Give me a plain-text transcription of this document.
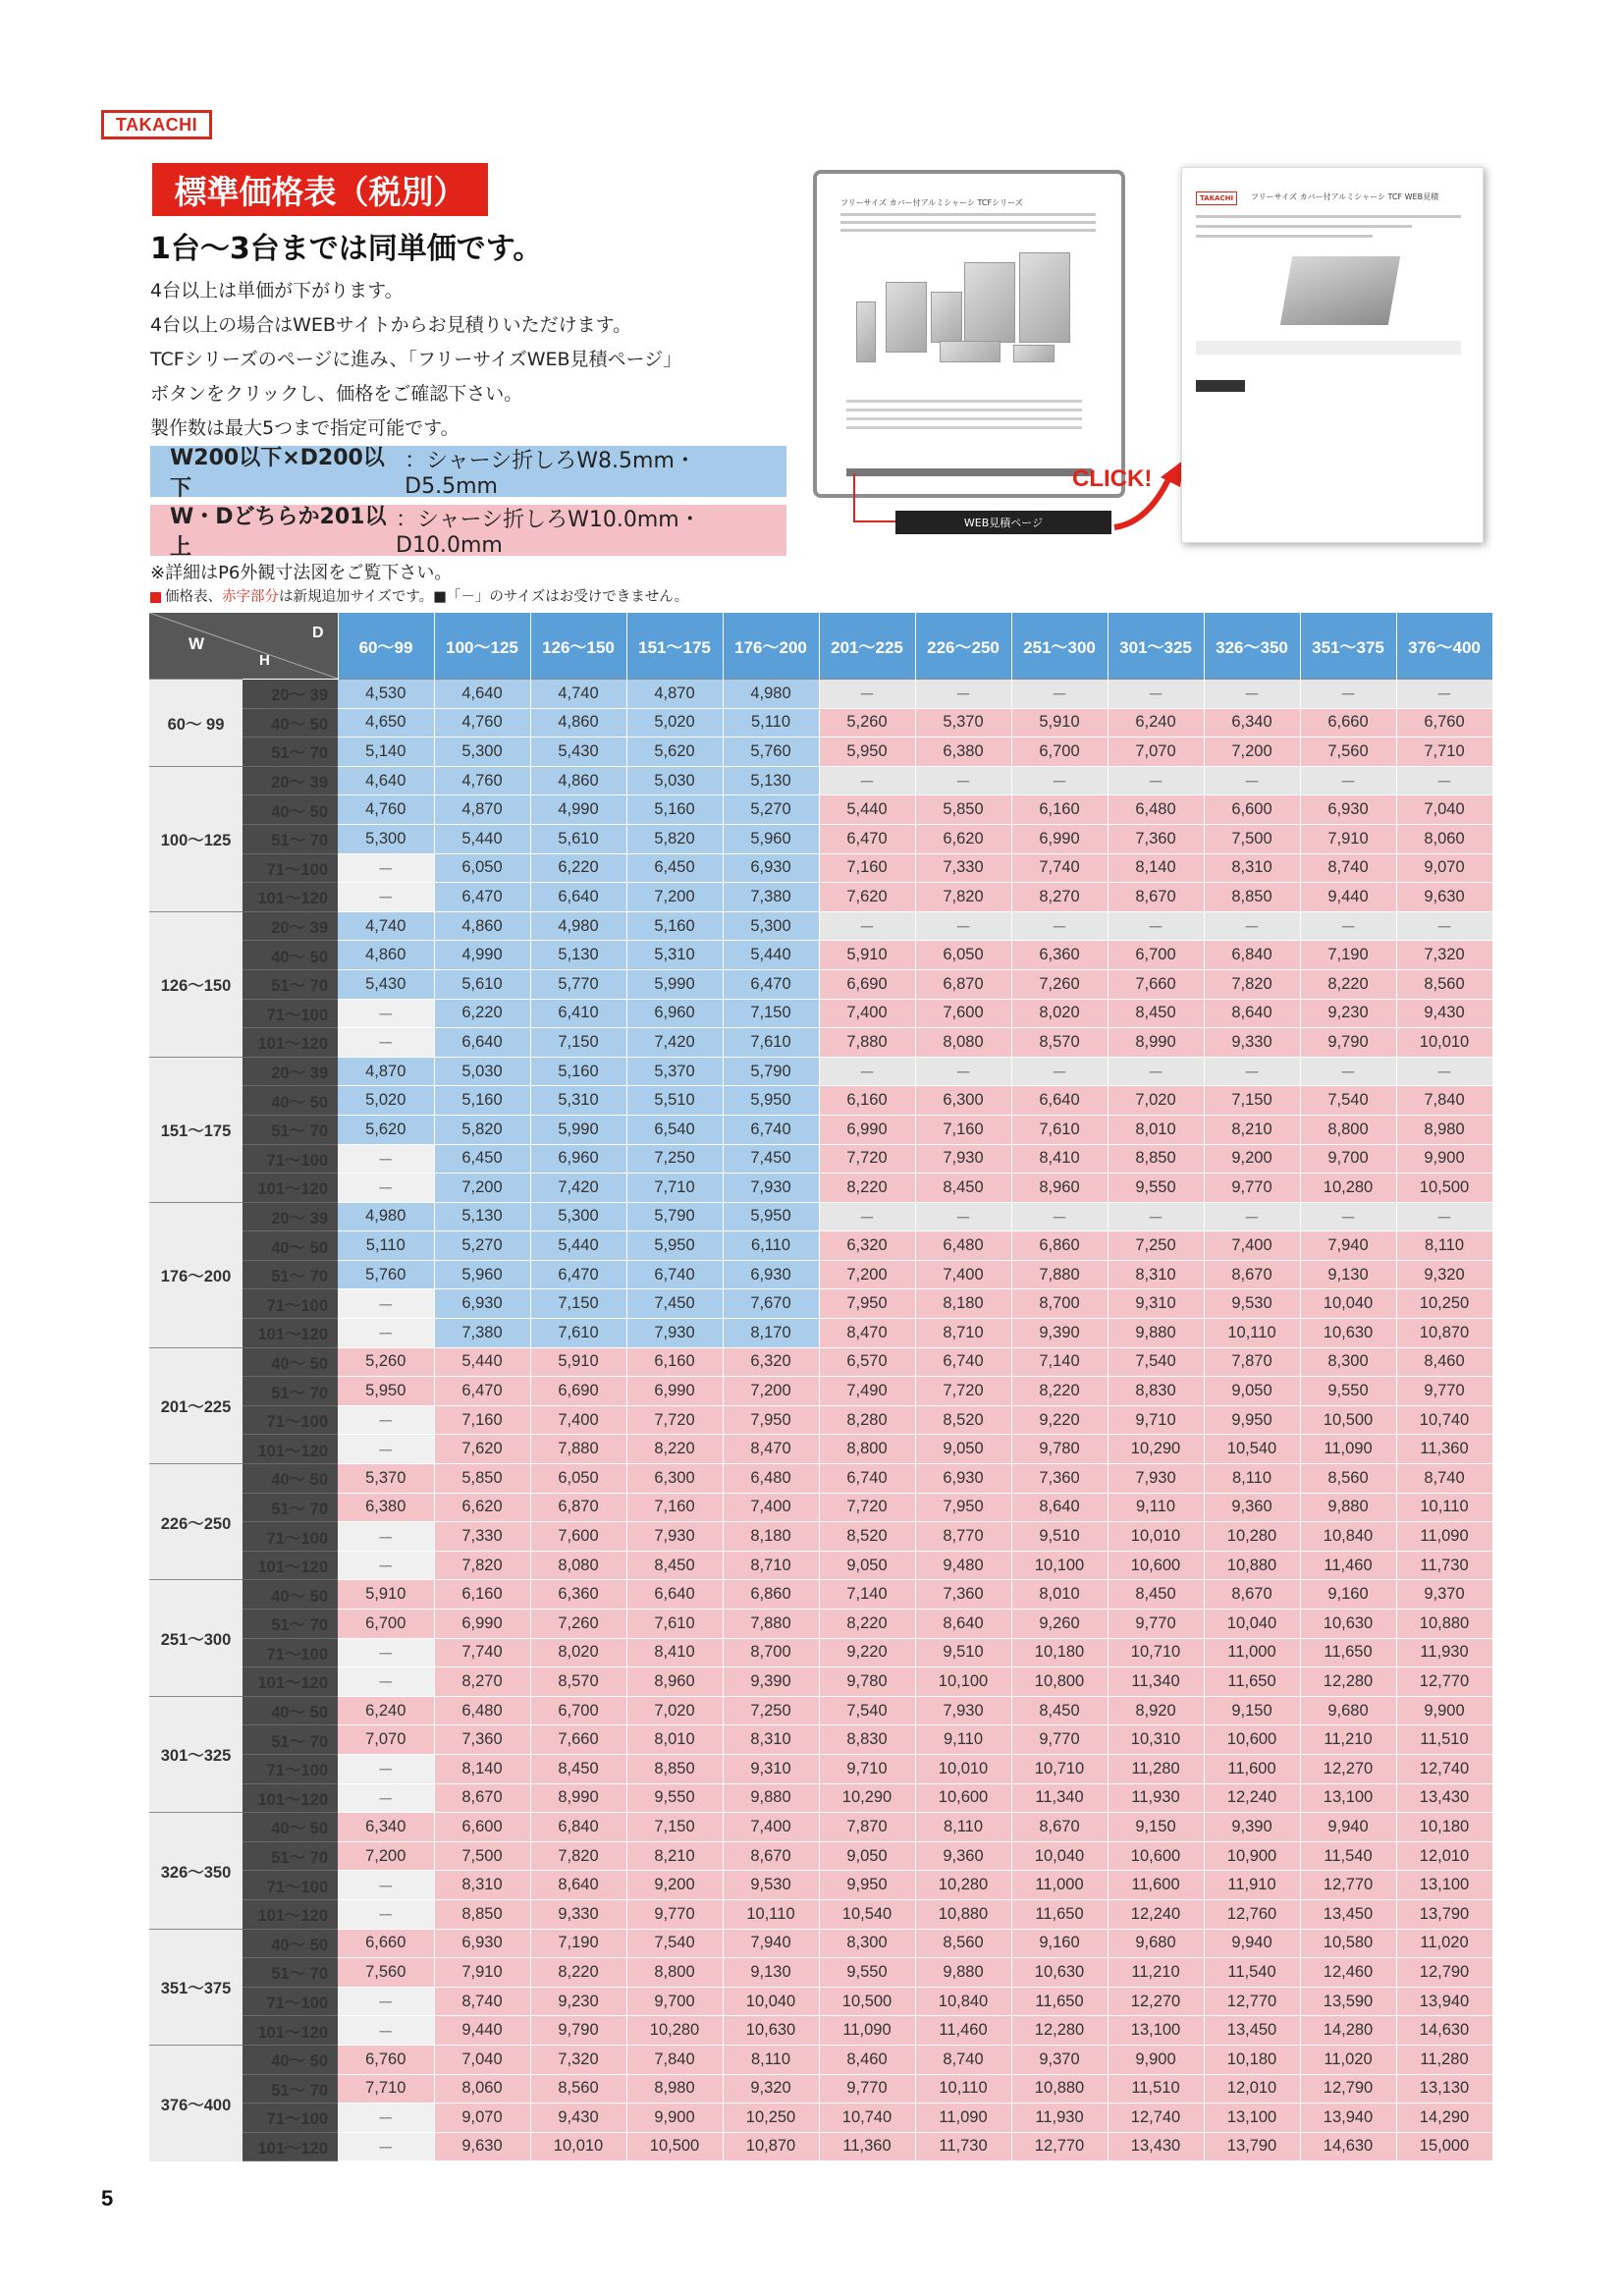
TAKACHI
標準価格表（税別）
1台～3台までは同単価です。
4台以上は単価が下がります。
4台以上の場合はWEBサイトからお見積りいただけます。
TCFシリーズのページに進み、「フリーサイズWEB見積ページ」
ボタンをクリックし、価格をご確認下さい。
製作数は最大5つまで指定可能です。
W200以下×D200以下
：シャーシ折しろW8.5mm・D5.5mm
W・Dどちらか201以上
：シャーシ折しろW10.0mm・D10.0mm
※詳細はP6外観寸法図をご覧下さい。
価格表、赤字部分は新規追加サイズです。■「－」のサイズはお受けできません。
フリーサイズ カバー付アルミシャーシ TCFシリーズ
WEB見積ページ	☝
CLICK!
TAKACHI	フリーサイズ カバー付アルミシャーシ TCF WEB見積
D
W
H		60～99	100～125	126～150	151～175	176～200	201～225	226～250	251～300	301～325	326～350	351～375	376～400
60～ 99	20～ 39	4,530	4,640	4,740	4,870	4,980	－	－	－	－	－	－	－
	40～ 50	4,650	4,760	4,860	5,020	5,110	5,260	5,370	5,910	6,240	6,340	6,660	6,760
	51～ 70	5,140	5,300	5,430	5,620	5,760	5,950	6,380	6,700	7,070	7,200	7,560	7,710
100～125	20～ 39	4,640	4,760	4,860	5,030	5,130	－	－	－	－	－	－	－
	40～ 50	4,760	4,870	4,990	5,160	5,270	5,440	5,850	6,160	6,480	6,600	6,930	7,040
	51～ 70	5,300	5,440	5,610	5,820	5,960	6,470	6,620	6,990	7,360	7,500	7,910	8,060
	71～100	－	6,050	6,220	6,450	6,930	7,160	7,330	7,740	8,140	8,310	8,740	9,070
	101～120	－	6,470	6,640	7,200	7,380	7,620	7,820	8,270	8,670	8,850	9,440	9,630
126～150	20～ 39	4,740	4,860	4,980	5,160	5,300	－	－	－	－	－	－	－
	40～ 50	4,860	4,990	5,130	5,310	5,440	5,910	6,050	6,360	6,700	6,840	7,190	7,320
	51～ 70	5,430	5,610	5,770	5,990	6,470	6,690	6,870	7,260	7,660	7,820	8,220	8,560
	71～100	－	6,220	6,410	6,960	7,150	7,400	7,600	8,020	8,450	8,640	9,230	9,430
	101～120	－	6,640	7,150	7,420	7,610	7,880	8,080	8,570	8,990	9,330	9,790	10,010
151～175	20～ 39	4,870	5,030	5,160	5,370	5,790	－	－	－	－	－	－	－
	40～ 50	5,020	5,160	5,310	5,510	5,950	6,160	6,300	6,640	7,020	7,150	7,540	7,840
	51～ 70	5,620	5,820	5,990	6,540	6,740	6,990	7,160	7,610	8,010	8,210	8,800	8,980
	71～100	－	6,450	6,960	7,250	7,450	7,720	7,930	8,410	8,850	9,200	9,700	9,900
	101～120	－	7,200	7,420	7,710	7,930	8,220	8,450	8,960	9,550	9,770	10,280	10,500
176～200	20～ 39	4,980	5,130	5,300	5,790	5,950	－	－	－	－	－	－	－
	40～ 50	5,110	5,270	5,440	5,950	6,110	6,320	6,480	6,860	7,250	7,400	7,940	8,110
	51～ 70	5,760	5,960	6,470	6,740	6,930	7,200	7,400	7,880	8,310	8,670	9,130	9,320
	71～100	－	6,930	7,150	7,450	7,670	7,950	8,180	8,700	9,310	9,530	10,040	10,250
	101～120	－	7,380	7,610	7,930	8,170	8,470	8,710	9,390	9,880	10,110	10,630	10,870
201～225	40～ 50	5,260	5,440	5,910	6,160	6,320	6,570	6,740	7,140	7,540	7,870	8,300	8,460
	51～ 70	5,950	6,470	6,690	6,990	7,200	7,490	7,720	8,220	8,830	9,050	9,550	9,770
	71～100	－	7,160	7,400	7,720	7,950	8,280	8,520	9,220	9,710	9,950	10,500	10,740
	101～120	－	7,620	7,880	8,220	8,470	8,800	9,050	9,780	10,290	10,540	11,090	11,360
226～250	40～ 50	5,370	5,850	6,050	6,300	6,480	6,740	6,930	7,360	7,930	8,110	8,560	8,740
	51～ 70	6,380	6,620	6,870	7,160	7,400	7,720	7,950	8,640	9,110	9,360	9,880	10,110
	71～100	－	7,330	7,600	7,930	8,180	8,520	8,770	9,510	10,010	10,280	10,840	11,090
	101～120	－	7,820	8,080	8,450	8,710	9,050	9,480	10,100	10,600	10,880	11,460	11,730
251～300	40～ 50	5,910	6,160	6,360	6,640	6,860	7,140	7,360	8,010	8,450	8,670	9,160	9,370
	51～ 70	6,700	6,990	7,260	7,610	7,880	8,220	8,640	9,260	9,770	10,040	10,630	10,880
	71～100	－	7,740	8,020	8,410	8,700	9,220	9,510	10,180	10,710	11,000	11,650	11,930
	101～120	－	8,270	8,570	8,960	9,390	9,780	10,100	10,800	11,340	11,650	12,280	12,770
301～325	40～ 50	6,240	6,480	6,700	7,020	7,250	7,540	7,930	8,450	8,920	9,150	9,680	9,900
	51～ 70	7,070	7,360	7,660	8,010	8,310	8,830	9,110	9,770	10,310	10,600	11,210	11,510
	71～100	－	8,140	8,450	8,850	9,310	9,710	10,010	10,710	11,280	11,600	12,270	12,740
	101～120	－	8,670	8,990	9,550	9,880	10,290	10,600	11,340	11,930	12,240	13,100	13,430
326～350	40～ 50	6,340	6,600	6,840	7,150	7,400	7,870	8,110	8,670	9,150	9,390	9,940	10,180
	51～ 70	7,200	7,500	7,820	8,210	8,670	9,050	9,360	10,040	10,600	10,900	11,540	12,010
	71～100	－	8,310	8,640	9,200	9,530	9,950	10,280	11,000	11,600	11,910	12,770	13,100
	101～120	－	8,850	9,330	9,770	10,110	10,540	10,880	11,650	12,240	12,760	13,450	13,790
351～375	40～ 50	6,660	6,930	7,190	7,540	7,940	8,300	8,560	9,160	9,680	9,940	10,580	11,020
	51～ 70	7,560	7,910	8,220	8,800	9,130	9,550	9,880	10,630	11,210	11,540	12,460	12,790
	71～100	－	8,740	9,230	9,700	10,040	10,500	10,840	11,650	12,270	12,770	13,590	13,940
	101～120	－	9,440	9,790	10,280	10,630	11,090	11,460	12,280	13,100	13,450	14,280	14,630
376～400	40～ 50	6,760	7,040	7,320	7,840	8,110	8,460	8,740	9,370	9,900	10,180	11,020	11,280
	51～ 70	7,710	8,060	8,560	8,980	9,320	9,770	10,110	10,880	11,510	12,010	12,790	13,130
	71～100	－	9,070	9,430	9,900	10,250	10,740	11,090	11,930	12,740	13,100	13,940	14,290
	101～120	－	9,630	10,010	10,500	10,870	11,360	11,730	12,770	13,430	13,790	14,630	15,000
5
